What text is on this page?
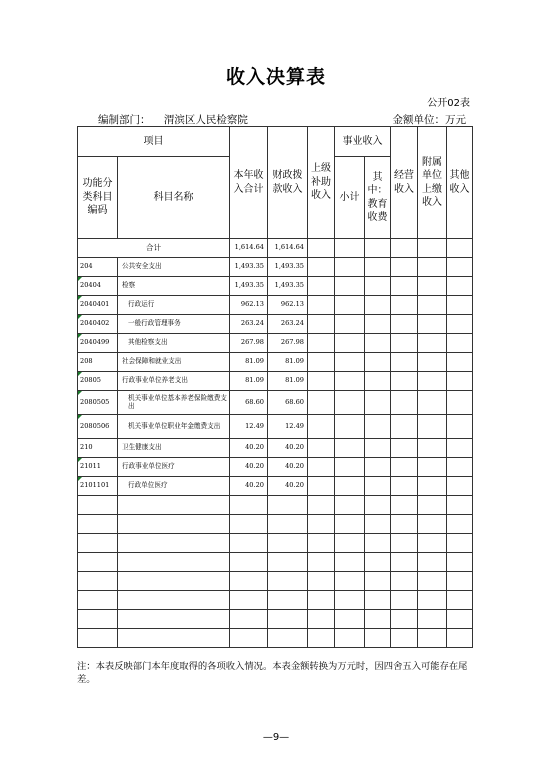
收入决算表
公开02表
编制部门： 渭滨区人民检察院	金额单位：万元
项目		本年收入合计	财政拨款收入	上级补助收入	事业收入		经营收入	附属单位上缴收入	其他收入
功能分类科目编码	科目名称				小计	其中：教育收费			
合计		1,614.64	1,614.64						
204	公共安全支出	1,493.35	1,493.35						

20404	检察	1,493.35	1,493.35						

2040401	行政运行	962.13	962.13						

2040402	一般行政管理事务	263.24	263.24						

2040499	其他检察支出	267.98	267.98						
208	社会保障和就业支出	81.09	81.09						

20805	行政事业单位养老支出	81.09	81.09						

2080505	机关事业单位基本养老保险缴费支出	68.60	68.60						

2080506	机关事业单位职业年金缴费支出	12.49	12.49						
210	卫生健康支出	40.20	40.20						

21011	行政事业单位医疗	40.20	40.20						

2101101	行政单位医疗	40.20	40.20						

注：本表反映部门本年度取得的各项收入情况。本表金额转换为万元时，因四舍五入可能存在尾差。
—9—
